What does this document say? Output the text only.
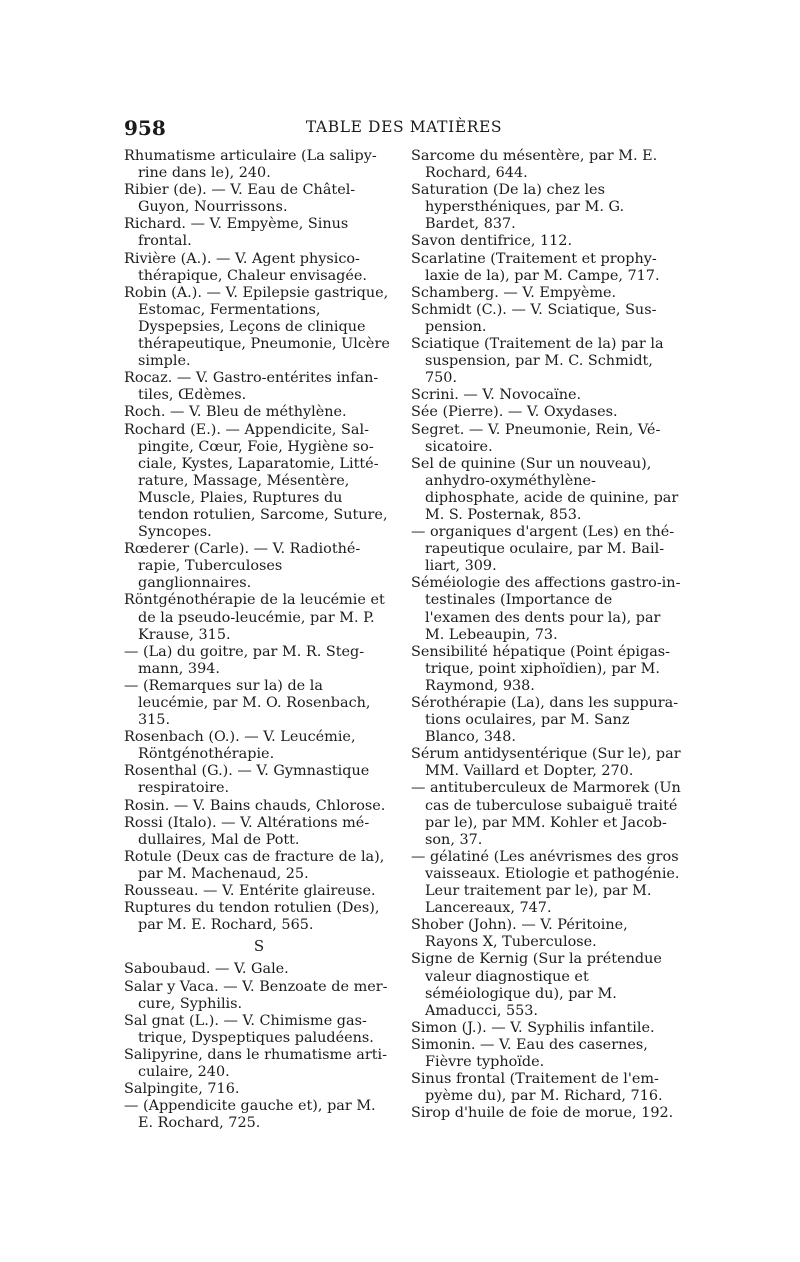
958	TABLE DES MATIÈRES

Rhumatisme articulaire (La salipyrine dans le), 240.

Ribier (de). — V. Eau de Châtel-Guyon, Nourrissons.

Richard. — V. Empyème, Sinus frontal.

Rivière (A.). — V. Agent physico-thérapique, Chaleur envisagée.

Robin (A.). — V. Epilepsie gastrique, Estomac, Fermentations, Dyspepsies, Leçons de clinique thérapeutique, Pneumonie, Ulcère simple.

Rocaz. — V. Gastro-entérites infantiles, Œdèmes.

Roch. — V. Bleu de méthylène.

Rochard (E.). — Appendicite, Salpingite, Cœur, Foie, Hygiène sociale, Kystes, Laparatomie, Littérature, Massage, Mésentère, Muscle, Plaies, Ruptures du tendon rotulien, Sarcome, Suture, Syncopes.

Rœderer (Carle). — V. Radiothérapie, Tuberculoses ganglionnaires.

Röntgénothérapie de la leucémie et de la pseudo-leucémie, par M. P. Krause, 315.

— (La) du goitre, par M. R. Stegmann, 394.

— (Remarques sur la) de la leucémie, par M. O. Rosenbach, 315.

Rosenbach (O.). — V. Leucémie, Röntgénothérapie.

Rosenthal (G.). — V. Gymnastique respiratoire.

Rosin. — V. Bains chauds, Chlorose.

Rossi (Italo). — V. Altérations médullaires, Mal de Pott.

Rotule (Deux cas de fracture de la), par M. Machenaud, 25.

Rousseau. — V. Entérite glaireuse.

Ruptures du tendon rotulien (Des), par M. E. Rochard, 565.

S

Saboubaud. — V. Gale.

Salar y Vaca. — V. Benzoate de mercure, Syphilis.

Sal gnat (L.). — V. Chimisme gastrique, Dyspeptiques paludéens.

Salipyrine, dans le rhumatisme articulaire, 240.

Salpingite, 716.

— (Appendicite gauche et), par M. E. Rochard, 725.

Sarcome du mésentère, par M. E. Rochard, 644.

Saturation (De la) chez les hypersthéniques, par M. G. Bardet, 837.

Savon dentifrice, 112.

Scarlatine (Traitement et prophylaxie de la), par M. Campe, 717.

Schamberg. — V. Empyème.

Schmidt (C.). — V. Sciatique, Suspension.

Sciatique (Traitement de la) par la suspension, par M. C. Schmidt, 750.

Scrini. — V. Novocaïne.

Sée (Pierre). — V. Oxydases.

Segret. — V. Pneumonie, Rein, Vésicatoire.

Sel de quinine (Sur un nouveau), anhydro-oxyméthylène-diphosphate, acide de quinine, par M. S. Posternak, 853.

— organiques d'argent (Les) en thérapeutique oculaire, par M. Bailliart, 309.

Séméiologie des affections gastro-intestinales (Importance de l'examen des dents pour la), par M. Lebeaupin, 73.

Sensibilité hépatique (Point épigastrique, point xiphoïdien), par M. Raymond, 938.

Sérothérapie (La), dans les suppurations oculaires, par M. Sanz Blanco, 348.

Sérum antidysentérique (Sur le), par MM. Vaillard et Dopter, 270.

— antituberculeux de Marmorek (Un cas de tuberculose subaiguë traité par le), par MM. Kohler et Jacobson, 37.

— gélatiné (Les anévrismes des gros vaisseaux. Etiologie et pathogénie. Leur traitement par le), par M. Lancereaux, 747.

Shober (John). — V. Péritoine, Rayons X, Tuberculose.

Signe de Kernig (Sur la prétendue valeur diagnostique et séméiologique du), par M. Amaducci, 553.

Simon (J.). — V. Syphilis infantile.

Simonin. — V. Eau des casernes, Fièvre typhoïde.

Sinus frontal (Traitement de l'empyème du), par M. Richard, 716.

Sirop d'huile de foie de morue, 192.
